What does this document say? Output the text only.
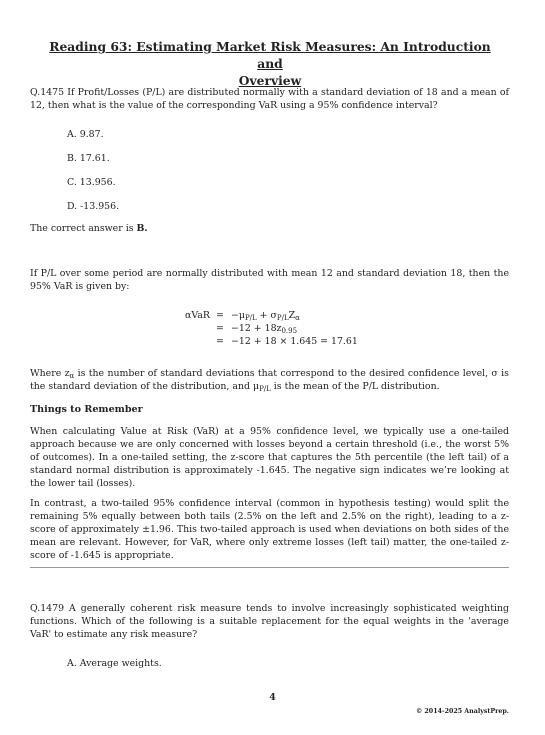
Reading 63: Estimating Market Risk Measures: An Introduction and
Overview

Q.1475 If Profit/Losses (P/L) are distributed normally with a standard deviation of 18 and a mean of 12, then what is the value of the corresponding VaR using a 95% confidence interval?

A. 9.87.
B. 17.61.
C. 13.956.
D. -13.956.
The correct answer is B.

If P/L over some period are normally distributed with mean 12 and standard deviation 18, then the 95% VaR is given by:

$\alpha VaR = -\mu_{P/L} + \sigma_{P/L}Z_\alpha$
= $-12 + 18z_{0.95}$
= −12 + 18 × 1.645 = 17.61

Where $z_\alpha$ is the number of standard deviations that correspond to the desired confidence level, σ is the standard deviation of the distribution, and $\mu_{P/L}$ is the mean of the P/L distribution.

Things to Remember

When calculating Value at Risk (VaR) at a 95% confidence level, we typically use a one-tailed approach because we are only concerned with losses beyond a certain threshold (i.e., the worst 5% of outcomes). In a one-tailed setting, the z-score that captures the 5th percentile (the left tail) of a standard normal distribution is approximately -1.645. The negative sign indicates we’re looking at the lower tail (losses).

In contrast, a two-tailed 95% confidence interval (common in hypothesis testing) would split the remaining 5% equally between both tails (2.5% on the left and 2.5% on the right), leading to a z-score of approximately ±1.96. This two-tailed approach is used when deviations on both sides of the mean are relevant. However, for VaR, where only extreme losses (left tail) matter, the one-tailed z-score of -1.645 is appropriate.

Q.1479 A generally coherent risk measure tends to involve increasingly sophisticated weighting functions. Which of the following is a suitable replacement for the equal weights in the 'average VaR' to estimate any risk measure?

A. Average weights.
4
© 2014-2025 AnalystPrep.
